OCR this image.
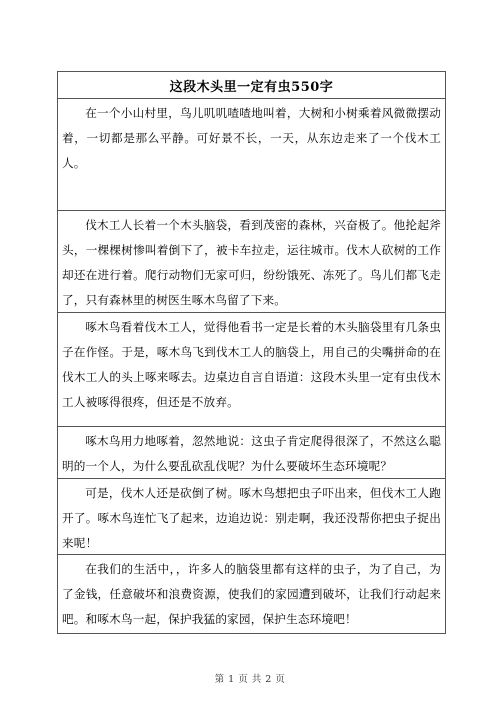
这段木头里一定有虫550字
在一个小山村里，鸟儿叽叽喳喳地叫着，大树和小树乘着风微微摆动着，一切都是那么平静。可好景不长，一天，从东边走来了一个伐木工人。
伐木工人长着一个木头脑袋，看到茂密的森林，兴奋极了。他抡起斧头，一棵棵树惨叫着倒下了，被卡车拉走，运往城市。伐木人砍树的工作却还在进行着。爬行动物们无家可归，纷纷饿死、冻死了。鸟儿们都飞走了，只有森林里的树医生啄木鸟留了下来。
啄木鸟看着伐木工人，觉得他看书一定是长着的木头脑袋里有几条虫子在作怪。于是，啄木鸟飞到伐木工人的脑袋上，用自己的尖嘴拼命的在伐木工人的头上啄来啄去。边桌边自言自语道：这段木头里一定有虫伐木工人被啄得很疼，但还是不放弃。
啄木鸟用力地啄着，忽然地说：这虫子肯定爬得很深了，不然这么聪明的一个人，为什么要乱砍乱伐呢？为什么要破坏生态环境呢？
可是，伐木人还是砍倒了树。啄木鸟想把虫子吓出来，但伐木工人跑开了。啄木鸟连忙飞了起来，边追边说：别走啊，我还没帮你把虫子捉出来呢！
在我们的生活中，，许多人的脑袋里都有这样的虫子，为了自己，为了金钱，任意破坏和浪费资源，使我们的家园遭到破坏，让我们行动起来吧。和啄木鸟一起，保护我猛的家园，保护生态环境吧！
第 1 页 共 2 页
